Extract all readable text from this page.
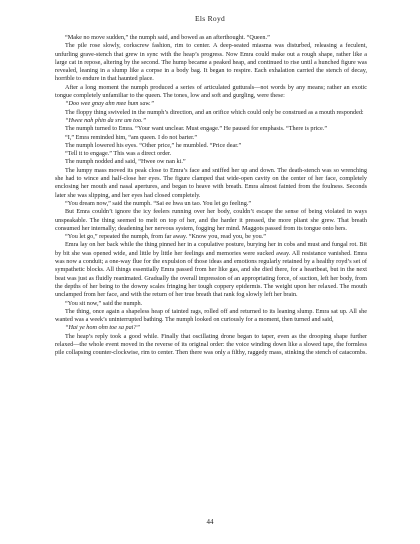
Els Royd

“Make no move sudden,” the numph said, and bowed as an afterthought. “Queen.”

The pile rose slowly, corkscrew fashion, rim to center. A deep-seated miasma was disturbed, releasing a feculent, unfurling grave-stench that grew in sync with the heap’s progress. Now Emra could make out a rough shape, rather like a large cat in repose, altering by the second. The hump became a peaked heap, and continued to rise until a hunched figure was revealed, leaning in a slump like a corpse in a body bag. It began to respire. Each exhalation carried the stench of decay, horrible to endure in that haunted place.

After a long moment the numph produced a series of articulated gutturals—not words by any means; rather an exotic tongue completely unfamiliar to the queen. The tones, low and soft and gurgling, were these:

“Doo wee gnay ahn mee hum saw.”

The floppy thing swiveled in the numph’s direction, and an orifice which could only be construed as a mouth responded:

“Hwee nah phin da sre um too.”

The numph turned to Emra. “Your want unclear. Must engage.” He paused for emphasis. “There is price.”

“I,” Emra reminded him, “am queen. I do not barter.”

The numph lowered his eyes. “Other price,” he mumbled. “Price dear.”

“Tell it to engage.” This was a direct order.

The numph nodded and said, “Hwee ow nan ki.”

The lumpy mass moved its peak close to Emra’s face and sniffed her up and down. The death-stench was so wrenching she had to wince and half-close her eyes. The figure clamped that wide-open cavity on the center of her face, completely enclosing her mouth and nasal apertures, and began to heave with breath. Emra almost fainted from the foulness. Seconds later she was slipping, and her eyes had closed completely.

“You dream now,” said the numph. “Sai ee hwa un tao. You let go feeling.”

But Emra couldn’t ignore the icy feelers running over her body, couldn’t escape the sense of being violated in ways unspeakable. The thing seemed to melt on top of her, and the harder it pressed, the more pliant she grew. That breath consumed her internally; deadening her nervous system, fogging her mind. Maggots passed from its tongue onto hers.

“You let go,” repeated the numph, from far away. “Know you, read you, be you.”

Emra lay on her back while the thing pinned her in a copulative posture, burying her in cobs and must and fungal rot. Bit by bit she was opened wide, and little by little her feelings and memories were sucked away. All resistance vanished. Emra was now a conduit; a one-way flue for the expulsion of those ideas and emotions regularly retained by a healthy royd’s set of sympathetic blocks. All things essentially Emra passed from her like gas, and she died there, for a heartbeat, but in the next beat was just as fluidly reanimated. Gradually the overall impression of an appropriating force, of suction, left her body, from the depths of her being to the downy scales fringing her tough coppery epidermis. The weight upon her relaxed. The mouth unclamped from her face, and with the return of her true breath that rank fog slowly left her brain.

“You sit now,” said the numph.

The thing, once again a shapeless heap of tainted rags, rolled off and returned to its leaning slump. Emra sat up. All she wanted was a week’s uninterrupted bathing. The numph looked on curiously for a moment, then turned and said,

“Hai ye hom ohn toe sa pai?”

The heap’s reply took a good while. Finally that oscillating drone began to taper, even as the drooping shape further relaxed—the whole event moved in the reverse of its original order: the voice winding down like a slowed tape, the formless pile collapsing counter-clockwise, rim to center. Then there was only a filthy, raggedy mass, stinking the stench of catacombs.

44
